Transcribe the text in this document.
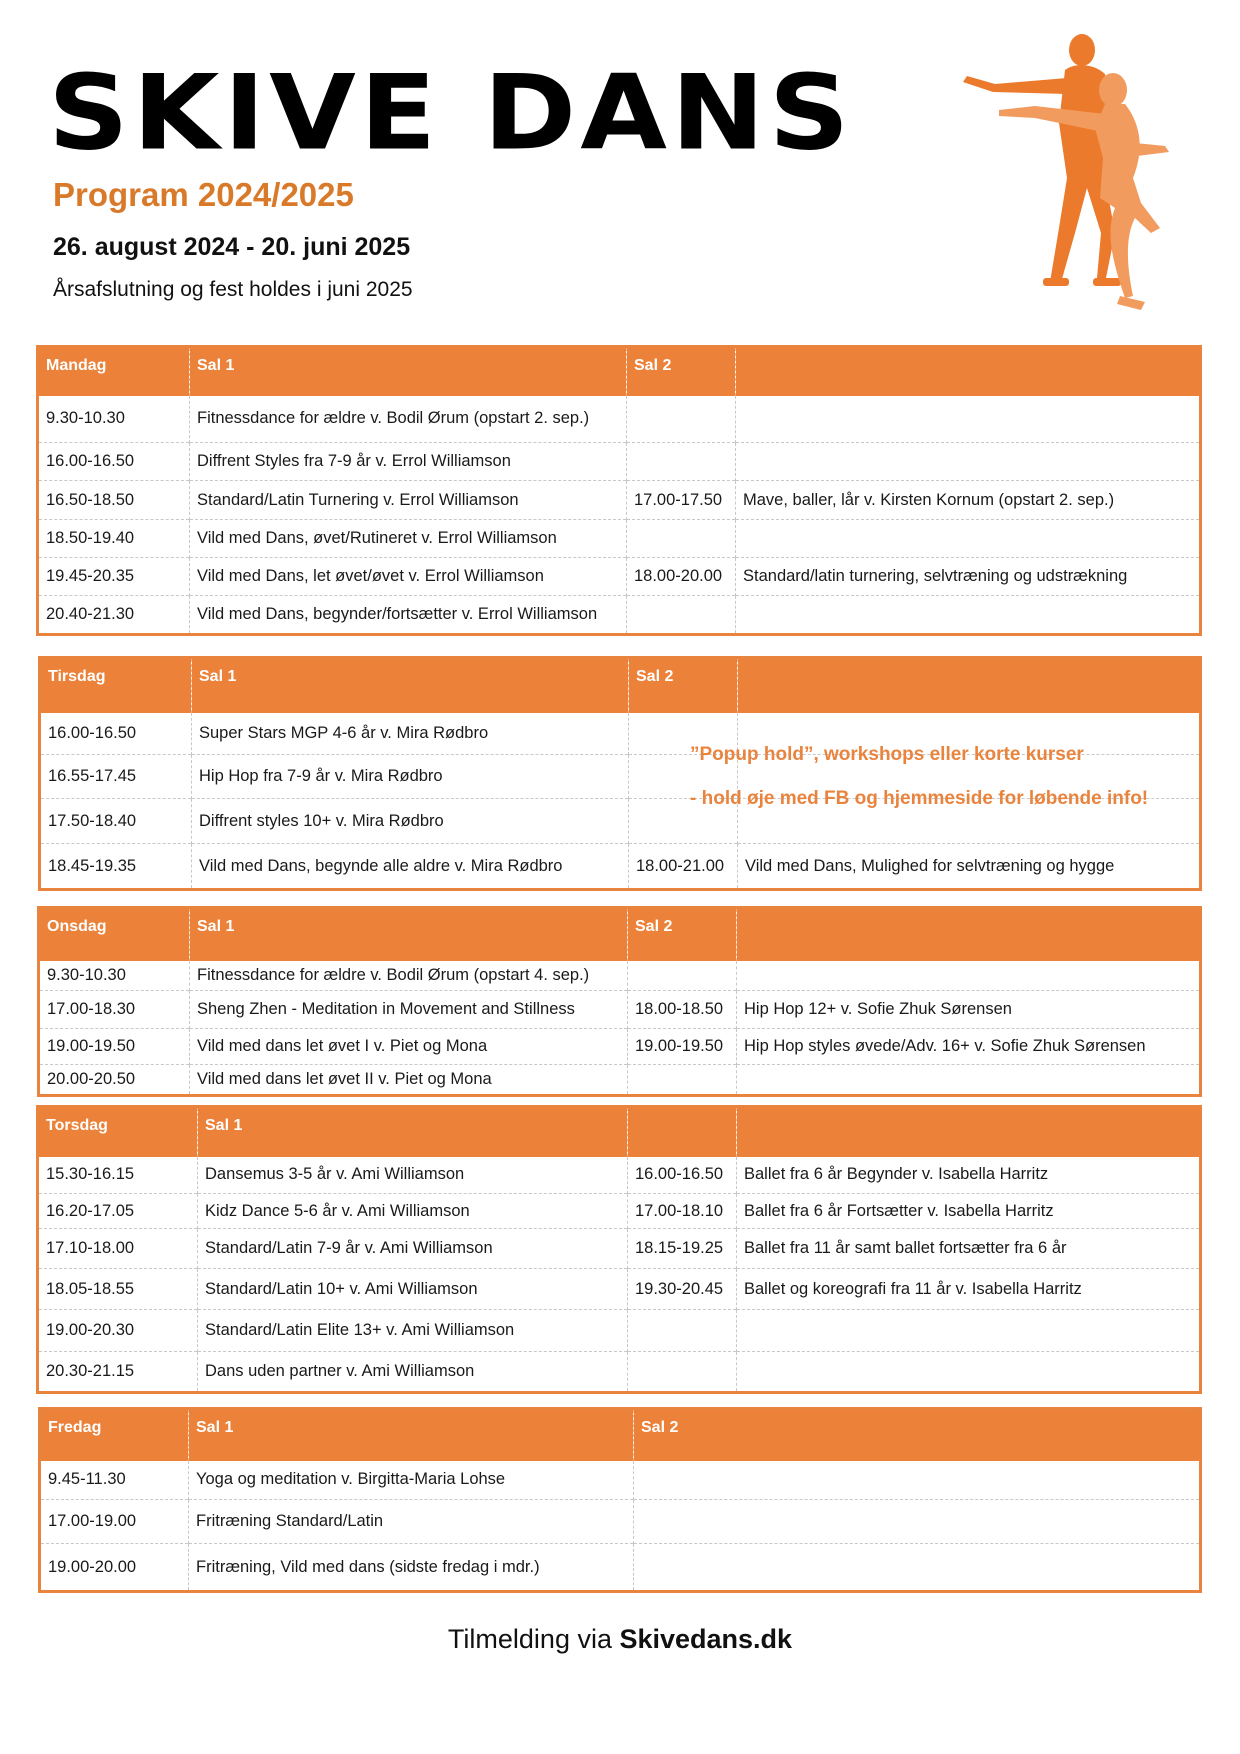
SKIVE DANS
Program 2024/2025
26. august 2024 - 20. juni 2025
Årsafslutning og fest holdes i juni 2025
Mandag	Sal 1	Sal 2	
9.30-10.30	Fitnessdance for ældre v. Bodil Ørum (opstart 2. sep.)		
16.00-16.50	Diffrent Styles fra 7-9 år v. Errol Williamson		
16.50-18.50	Standard/Latin Turnering v. Errol Williamson	17.00-17.50	Mave, baller, lår v. Kirsten Kornum (opstart 2. sep.)
18.50-19.40	Vild med Dans, øvet/Rutineret v. Errol Williamson		
19.45-20.35	Vild med Dans, let øvet/øvet v. Errol Williamson	18.00-20.00	Standard/latin turnering, selvtræning og udstrækning
20.40-21.30	Vild med Dans, begynder/fortsætter v. Errol Williamson		
Tirsdag	Sal 1	Sal 2	
16.00-16.50	Super Stars MGP 4-6 år v. Mira Rødbro		
16.55-17.45	Hip Hop fra 7-9 år v. Mira Rødbro		
17.50-18.40	Diffrent styles 10+ v. Mira Rødbro		
18.45-19.35	Vild med Dans, begynde alle aldre v. Mira Rødbro	18.00-21.00	Vild med Dans, Mulighed for selvtræning og hygge
”Popup hold”, workshops eller korte kurser
- hold øje med FB og hjemmeside for løbende info!
Onsdag	Sal 1	Sal 2	
9.30-10.30	Fitnessdance for ældre v. Bodil Ørum (opstart 4. sep.)		
17.00-18.30	Sheng Zhen - Meditation in Movement and Stillness	18.00-18.50	Hip Hop 12+ v. Sofie Zhuk Sørensen
19.00-19.50	Vild med dans let øvet I v. Piet og Mona	19.00-19.50	Hip Hop styles øvede/Adv. 16+ v. Sofie Zhuk Sørensen
20.00-20.50	Vild med dans let øvet II v. Piet og Mona		
Torsdag	Sal 1		
15.30-16.15	Dansemus 3-5 år v. Ami Williamson	16.00-16.50	Ballet fra 6 år Begynder v. Isabella Harritz
16.20-17.05	Kidz Dance 5-6 år v. Ami Williamson	17.00-18.10	Ballet fra 6 år Fortsætter v. Isabella Harritz
17.10-18.00	Standard/Latin 7-9 år v. Ami Williamson	18.15-19.25	Ballet fra 11 år samt ballet fortsætter fra 6 år
18.05-18.55	Standard/Latin 10+ v. Ami Williamson	19.30-20.45	Ballet og koreografi fra 11 år v. Isabella Harritz
19.00-20.30	Standard/Latin Elite 13+ v. Ami Williamson		
20.30-21.15	Dans uden partner v. Ami Williamson		
Fredag	Sal 1	Sal 2
9.45-11.30	Yoga og meditation v. Birgitta-Maria Lohse	
17.00-19.00	Fritræning Standard/Latin	
19.00-20.00	Fritræning, Vild med dans (sidste fredag i mdr.)	
Tilmelding via Skivedans.dk
